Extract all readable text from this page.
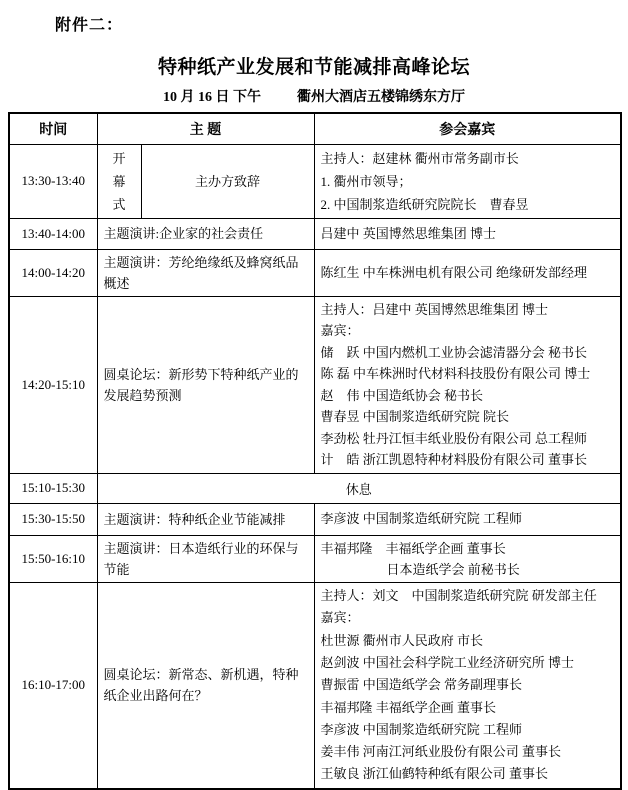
附件二：
特种纸产业发展和节能减排高峰论坛
10 月 16 日 下午	衢州大酒店五楼锦绣东方厅
时间	主 题		参会嘉宾
13:30-13:40	开幕式	主办方致辞	主持人：赵建林 衢州市常务副市长
1. 衢州市领导；
2. 中国制浆造纸研究院院长　曹春昱

13:40-14:00	主题演讲:企业家的社会责任		吕建中 英国博然思维集团 博士

14:00-14:20	主题演讲：芳纶绝缘纸及蜂窝纸品概述		陈红生 中车株洲电机有限公司 绝缘研发部经理

14:20-15:10	圆桌论坛：新形势下特种纸产业的发展趋势预测	
主持人：吕建中 英国博然思维集团 博士
嘉宾：
储　跃 中国内燃机工业协会滤清器分会 秘书长
陈 磊 中车株洲时代材料科技股份有限公司 博士
赵　伟 中国造纸协会 秘书长
曹春昱 中国制浆造纸研究院 院长
李劲松 牡丹江恒丰纸业股份有限公司 总工程师
计　皓 浙江凯恩特种材料股份有限公司 董事长

15:10-15:30	休息		
15:30-15:50	主题演讲：特种纸企业节能减排		李彦波 中国制浆造纸研究院 工程师

15:50-16:10	主题演讲：日本造纸行业的环保与节能		丰福邦隆　丰福纸学企画 董事长
日本造纸学会 前秘书长

16:10-17:00	圆桌论坛：新常态、新机遇，特种纸企业出路何在？	
主持人：刘文　中国制浆造纸研究院 研发部主任
嘉宾：
杜世源 衢州市人民政府 市长
赵剑波 中国社会科学院工业经济研究所 博士
曹振雷 中国造纸学会 常务副理事长
丰福邦隆 丰福纸学企画 董事长
李彦波 中国制浆造纸研究院 工程师
姜丰伟 河南江河纸业股份有限公司 董事长
王敏良 浙江仙鹤特种纸有限公司 董事长
